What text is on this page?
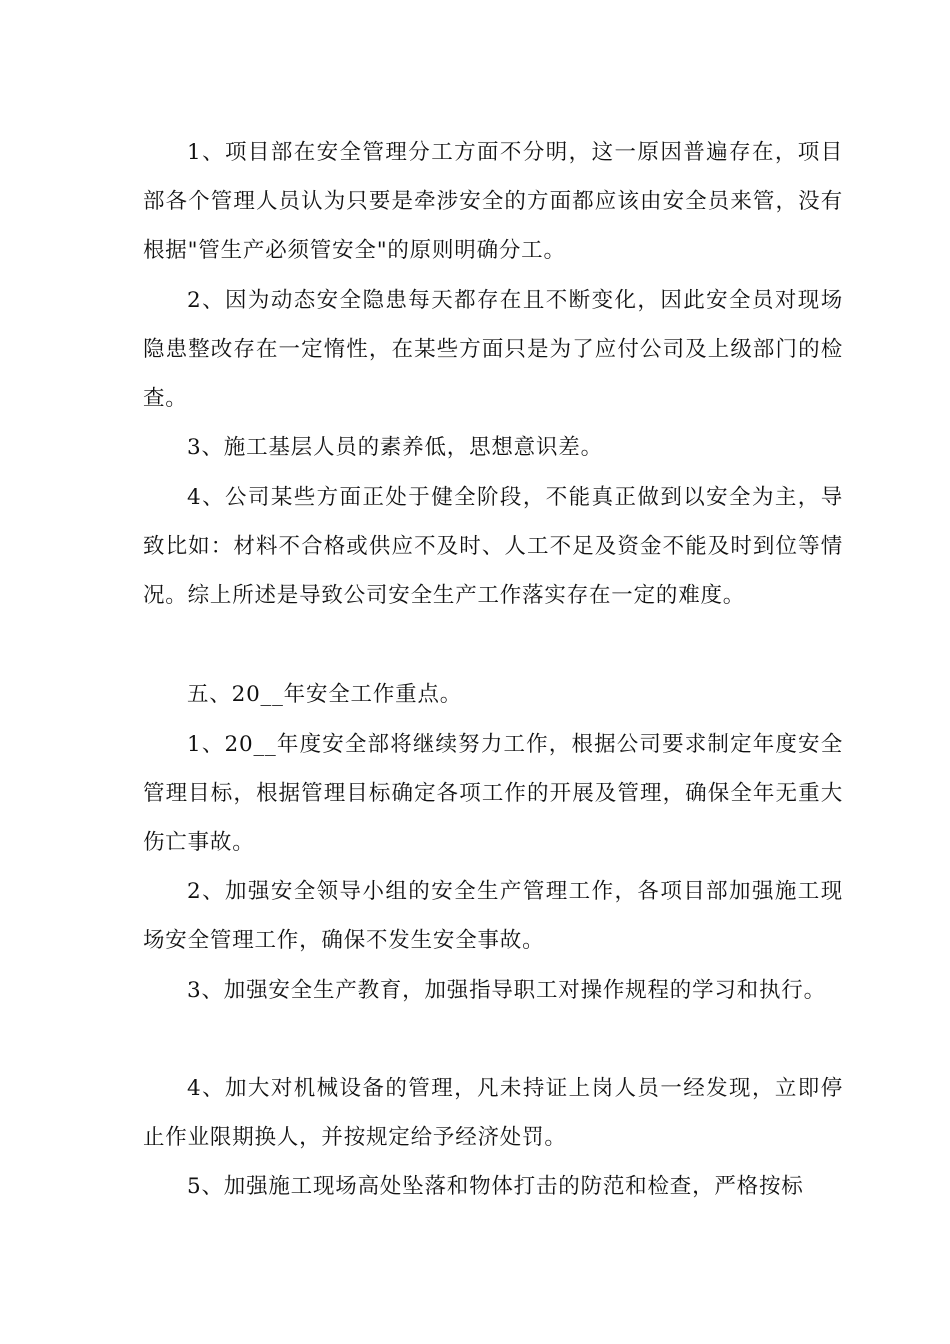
1、项目部在安全管理分工方面不分明，这一原因普遍存在，项目部各个管理人员认为只要是牵涉安全的方面都应该由安全员来管，没有根据"管生产必须管安全"的原则明确分工。

2、因为动态安全隐患每天都存在且不断变化，因此安全员对现场隐患整改存在一定惰性，在某些方面只是为了应付公司及上级部门的检查。

3、施工基层人员的素养低，思想意识差。

4、公司某些方面正处于健全阶段，不能真正做到以安全为主，导致比如：材料不合格或供应不及时、人工不足及资金不能及时到位等情况。综上所述是导致公司安全生产工作落实存在一定的难度。

五、20__年安全工作重点。

1、20__年度安全部将继续努力工作，根据公司要求制定年度安全管理目标，根据管理目标确定各项工作的开展及管理，确保全年无重大伤亡事故。

2、加强安全领导小组的安全生产管理工作，各项目部加强施工现场安全管理工作，确保不发生安全事故。

3、加强安全生产教育，加强指导职工对操作规程的学习和执行。

4、加大对机械设备的管理，凡未持证上岗人员一经发现，立即停止作业限期换人，并按规定给予经济处罚。

5、加强施工现场高处坠落和物体打击的防范和检查，严格按标
